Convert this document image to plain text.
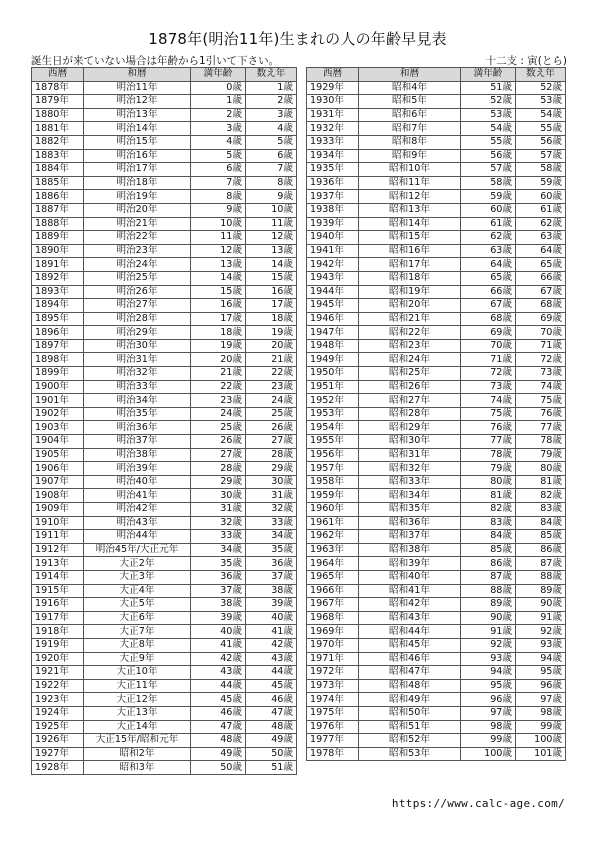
1878年(明治11年)生まれの人の年齢早見表
誕生日が来ていない場合は年齢から1引いて下さい。	十二支 : 寅(とら)
西暦	和暦	満年齢	数え年
1878年	明治11年	0歳	1歳
1879年	明治12年	1歳	2歳
1880年	明治13年	2歳	3歳
1881年	明治14年	3歳	4歳
1882年	明治15年	4歳	5歳
1883年	明治16年	5歳	6歳
1884年	明治17年	6歳	7歳
1885年	明治18年	7歳	8歳
1886年	明治19年	8歳	9歳
1887年	明治20年	9歳	10歳
1888年	明治21年	10歳	11歳
1889年	明治22年	11歳	12歳
1890年	明治23年	12歳	13歳
1891年	明治24年	13歳	14歳
1892年	明治25年	14歳	15歳
1893年	明治26年	15歳	16歳
1894年	明治27年	16歳	17歳
1895年	明治28年	17歳	18歳
1896年	明治29年	18歳	19歳
1897年	明治30年	19歳	20歳
1898年	明治31年	20歳	21歳
1899年	明治32年	21歳	22歳
1900年	明治33年	22歳	23歳
1901年	明治34年	23歳	24歳
1902年	明治35年	24歳	25歳
1903年	明治36年	25歳	26歳
1904年	明治37年	26歳	27歳
1905年	明治38年	27歳	28歳
1906年	明治39年	28歳	29歳
1907年	明治40年	29歳	30歳
1908年	明治41年	30歳	31歳
1909年	明治42年	31歳	32歳
1910年	明治43年	32歳	33歳
1911年	明治44年	33歳	34歳
1912年	明治45年/大正元年	34歳	35歳
1913年	大正2年	35歳	36歳
1914年	大正3年	36歳	37歳
1915年	大正4年	37歳	38歳
1916年	大正5年	38歳	39歳
1917年	大正6年	39歳	40歳
1918年	大正7年	40歳	41歳
1919年	大正8年	41歳	42歳
1920年	大正9年	42歳	43歳
1921年	大正10年	43歳	44歳
1922年	大正11年	44歳	45歳
1923年	大正12年	45歳	46歳
1924年	大正13年	46歳	47歳
1925年	大正14年	47歳	48歳
1926年	大正15年/昭和元年	48歳	49歳
1927年	昭和2年	49歳	50歳
1928年	昭和3年	50歳	51歳
西暦	和暦	満年齢	数え年
1929年	昭和4年	51歳	52歳
1930年	昭和5年	52歳	53歳
1931年	昭和6年	53歳	54歳
1932年	昭和7年	54歳	55歳
1933年	昭和8年	55歳	56歳
1934年	昭和9年	56歳	57歳
1935年	昭和10年	57歳	58歳
1936年	昭和11年	58歳	59歳
1937年	昭和12年	59歳	60歳
1938年	昭和13年	60歳	61歳
1939年	昭和14年	61歳	62歳
1940年	昭和15年	62歳	63歳
1941年	昭和16年	63歳	64歳
1942年	昭和17年	64歳	65歳
1943年	昭和18年	65歳	66歳
1944年	昭和19年	66歳	67歳
1945年	昭和20年	67歳	68歳
1946年	昭和21年	68歳	69歳
1947年	昭和22年	69歳	70歳
1948年	昭和23年	70歳	71歳
1949年	昭和24年	71歳	72歳
1950年	昭和25年	72歳	73歳
1951年	昭和26年	73歳	74歳
1952年	昭和27年	74歳	75歳
1953年	昭和28年	75歳	76歳
1954年	昭和29年	76歳	77歳
1955年	昭和30年	77歳	78歳
1956年	昭和31年	78歳	79歳
1957年	昭和32年	79歳	80歳
1958年	昭和33年	80歳	81歳
1959年	昭和34年	81歳	82歳
1960年	昭和35年	82歳	83歳
1961年	昭和36年	83歳	84歳
1962年	昭和37年	84歳	85歳
1963年	昭和38年	85歳	86歳
1964年	昭和39年	86歳	87歳
1965年	昭和40年	87歳	88歳
1966年	昭和41年	88歳	89歳
1967年	昭和42年	89歳	90歳
1968年	昭和43年	90歳	91歳
1969年	昭和44年	91歳	92歳
1970年	昭和45年	92歳	93歳
1971年	昭和46年	93歳	94歳
1972年	昭和47年	94歳	95歳
1973年	昭和48年	95歳	96歳
1974年	昭和49年	96歳	97歳
1975年	昭和50年	97歳	98歳
1976年	昭和51年	98歳	99歳
1977年	昭和52年	99歳	100歳
1978年	昭和53年	100歳	101歳
https://www.calc-age.com/
